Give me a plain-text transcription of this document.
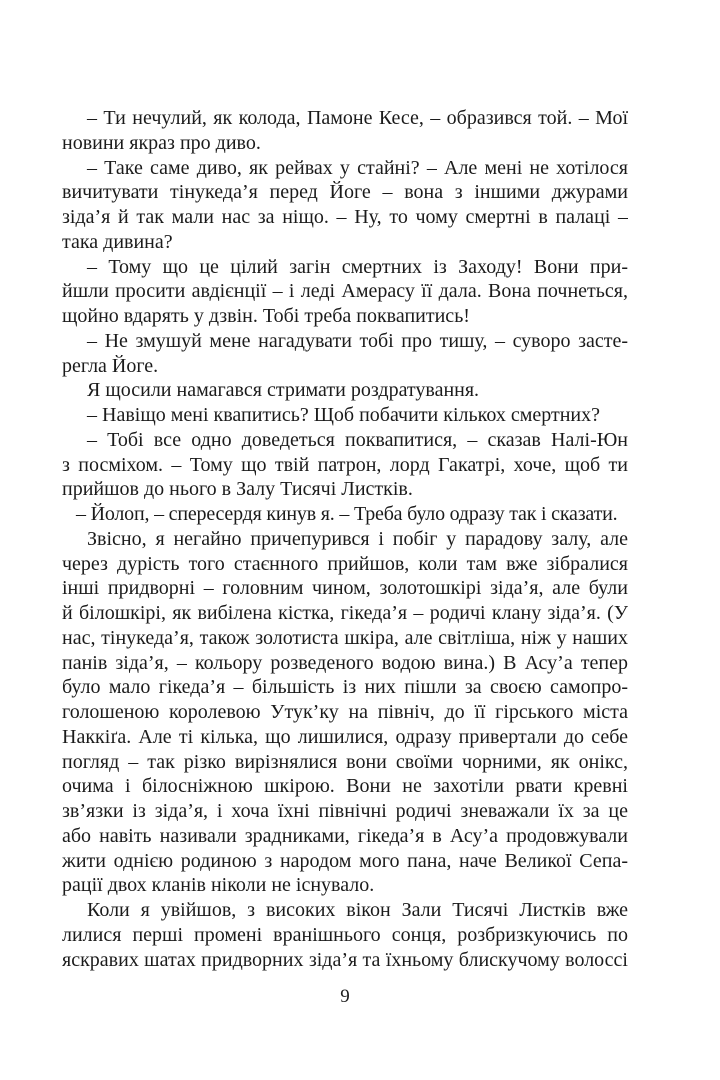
– Ти нечулий, як колода, Памоне Кесе, – образився той. – Мої
новини якраз про диво.
– Таке саме диво, як рейвах у стайні? – Але мені не хотілося
вичитувати тінукеда’я перед Йоге – вона з іншими джурами
зіда’я й так мали нас за ніщо. – Ну, то чому смертні в палаці –
така дивина?
– Тому що це цілий загін смертних із Заходу! Вони при-
йшли просити авдієнції – і леді Амерасу її дала. Вона почнеться,
щойно вдарять у дзвін. Тобі треба поквапитись!
– Не змушуй мене нагадувати тобі про тишу, – суворо засте-
регла Йоге.
Я щосили намагався стримати роздратування.
– Навіщо мені квапитись? Щоб побачити кількох смертних?
– Тобі все одно доведеться поквапитися, – сказав Налі-Юн
з посміхом. – Тому що твій патрон, лорд Гакатрі, хоче, щоб ти
прийшов до нього в Залу Тисячі Листків.
– Йолоп, – спересердя кинув я. – Треба було одразу так і сказати.
Звісно, я негайно причепурився і побіг у парадову залу, але
через дурість того стаєнного прийшов, коли там вже зібралися
інші придворні – головним чином, золотошкірі зіда’я, але були
й білошкірі, як вибілена кістка, гікеда’я – родичі клану зіда’я. (У
нас, тінукеда’я, також золотиста шкіра, але світліша, ніж у наших
панів зіда’я, – кольору розведеного водою вина.) В Асу’а тепер
було мало гікеда’я – більшість із них пішли за своєю самопро-
голошеною королевою Утук’ку на північ, до її гірського міста
Наккіґа. Але ті кілька, що лишилися, одразу привертали до себе
погляд – так різко вирізнялися вони своїми чорними, як онікс,
очима і білосніжною шкірою. Вони не захотіли рвати кревні
зв’язки із зіда’я, і хоча їхні північні родичі зневажали їх за це
або навіть називали зрадниками, гікеда’я в Асу’а продовжували
жити однією родиною з народом мого пана, наче Великої Сепа-
рації двох кланів ніколи не існувало.
Коли я увійшов, з високих вікон Зали Тисячі Листків вже
лилися перші промені вранішнього сонця, розбризкуючись по
яскравих шатах придворних зіда’я та їхньому блискучому волоссі
9
